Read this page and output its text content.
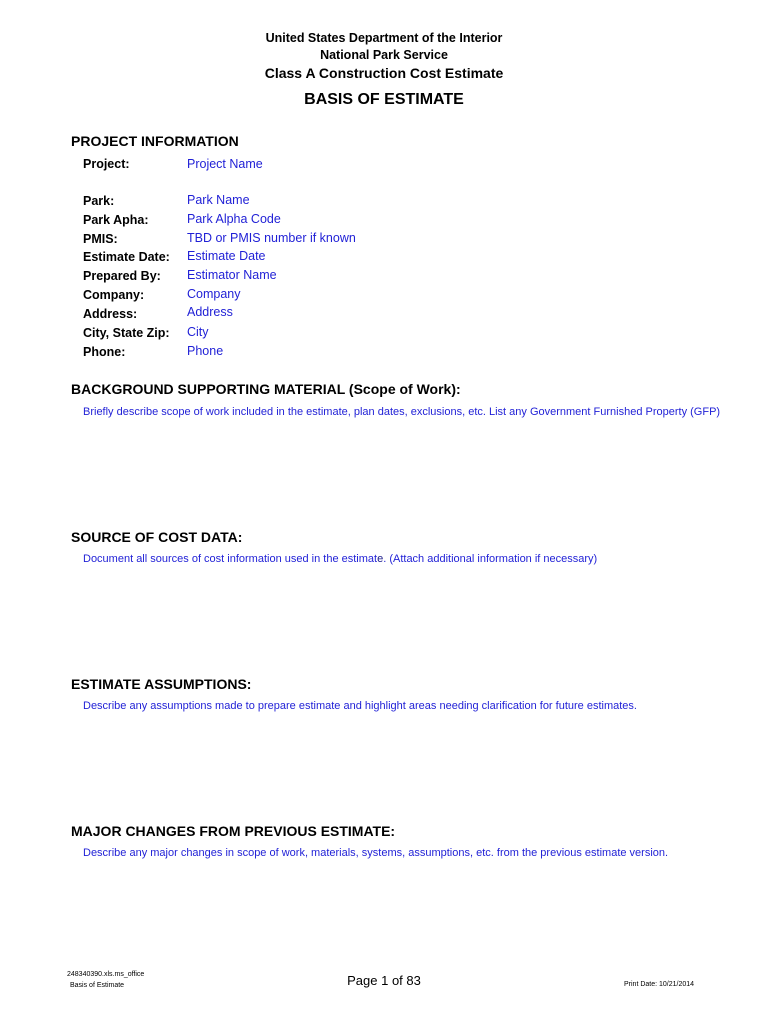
United States Department of the Interior
National Park Service
Class A Construction Cost Estimate
BASIS OF ESTIMATE
PROJECT INFORMATION
Project:	Project Name
Park:	Park Name
Park Apha:	Park Alpha Code
PMIS:	TBD or PMIS number if known
Estimate Date: Estimate Date
Prepared By: Estimator Name
Company:	Company
Address:	Address
City, State Zip: City
Phone:	Phone
BACKGROUND SUPPORTING MATERIAL (Scope of Work):
Briefly describe scope of work included in the estimate, plan dates, exclusions, etc. List any Government Furnished Property (GFP)
SOURCE OF COST DATA:
Document all sources of cost information used in the estimate. (Attach additional information if necessary)
ESTIMATE ASSUMPTIONS:
Describe any assumptions made to prepare estimate and highlight areas needing clarification for future estimates.
MAJOR CHANGES FROM PREVIOUS ESTIMATE:
Describe any major changes in scope of work, materials, systems, assumptions, etc. from the previous estimate version.
248340390.xls.ms_office
Basis of Estimate	Page 1 of 83	Print Date: 10/21/2014
